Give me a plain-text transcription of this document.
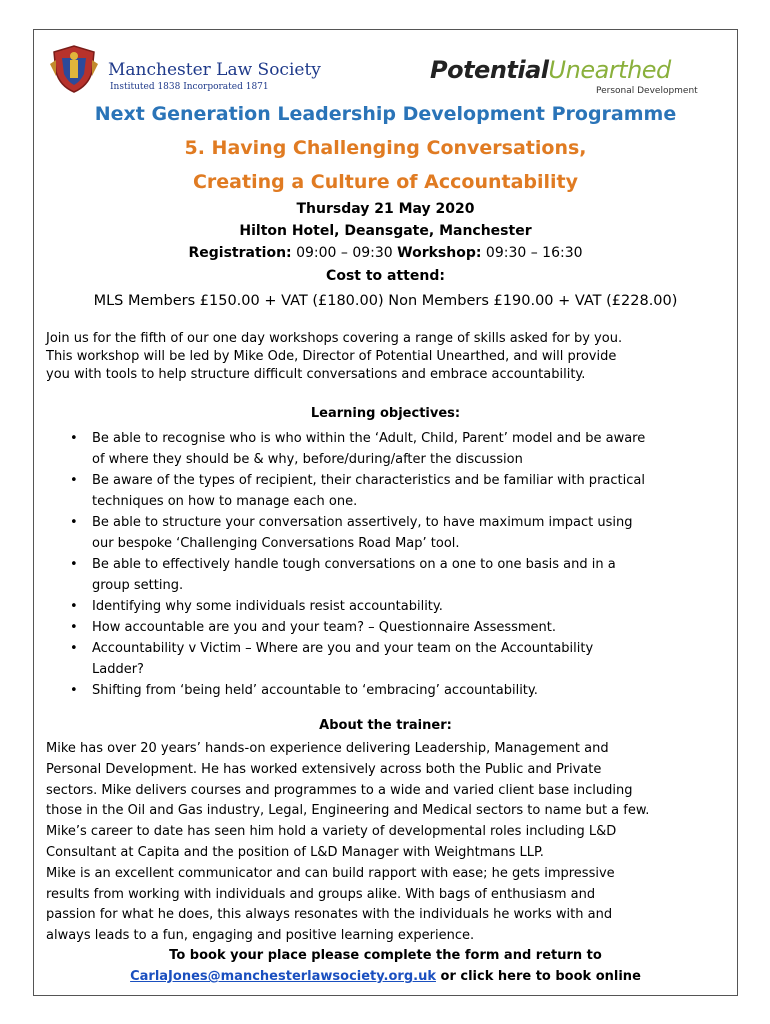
Manchester Law Society
Instituted 1838 Incorporated 1871
PotentialUnearthed
Personal Development
Next Generation Leadership Development Programme
5. Having Challenging Conversations,
Creating a Culture of Accountability
Thursday 21 May 2020
Hilton Hotel, Deansgate, Manchester
Registration: 09:00 – 09:30 Workshop: 09:30 – 16:30
Cost to attend:
MLS Members £150.00 + VAT (£180.00) Non Members £190.00 + VAT (£228.00)
Join us for the fifth of our one day workshops covering a range of skills asked for by you.
This workshop will be led by Mike Ode, Director of Potential Unearthed, and will provide
you with tools to help structure difficult conversations and embrace accountability.
Learning objectives:
• Be able to recognise who is who within the ‘Adult, Child, Parent’ model and be aware
of where they should be & why, before/during/after the discussion
• Be aware of the types of recipient, their characteristics and be familiar with practical
techniques on how to manage each one.
• Be able to structure your conversation assertively, to have maximum impact using
our bespoke ‘Challenging Conversations Road Map’ tool.
• Be able to effectively handle tough conversations on a one to one basis and in a
group setting.
• Identifying why some individuals resist accountability.
• How accountable are you and your team? – Questionnaire Assessment.
• Accountability v Victim – Where are you and your team on the Accountability
Ladder?
• Shifting from ‘being held’ accountable to ‘embracing’ accountability.
About the trainer:
Mike has over 20 years’ hands-on experience delivering Leadership, Management and
Personal Development. He has worked extensively across both the Public and Private
sectors. Mike delivers courses and programmes to a wide and varied client base including
those in the Oil and Gas industry, Legal, Engineering and Medical sectors to name but a few.
Mike’s career to date has seen him hold a variety of developmental roles including L&D
Consultant at Capita and the position of L&D Manager with Weightmans LLP.
Mike is an excellent communicator and can build rapport with ease; he gets impressive
results from working with individuals and groups alike. With bags of enthusiasm and
passion for what he does, this always resonates with the individuals he works with and
always leads to a fun, engaging and positive learning experience.
To book your place please complete the form and return to
CarlaJones@manchesterlawsociety.org.uk or click here to book online
